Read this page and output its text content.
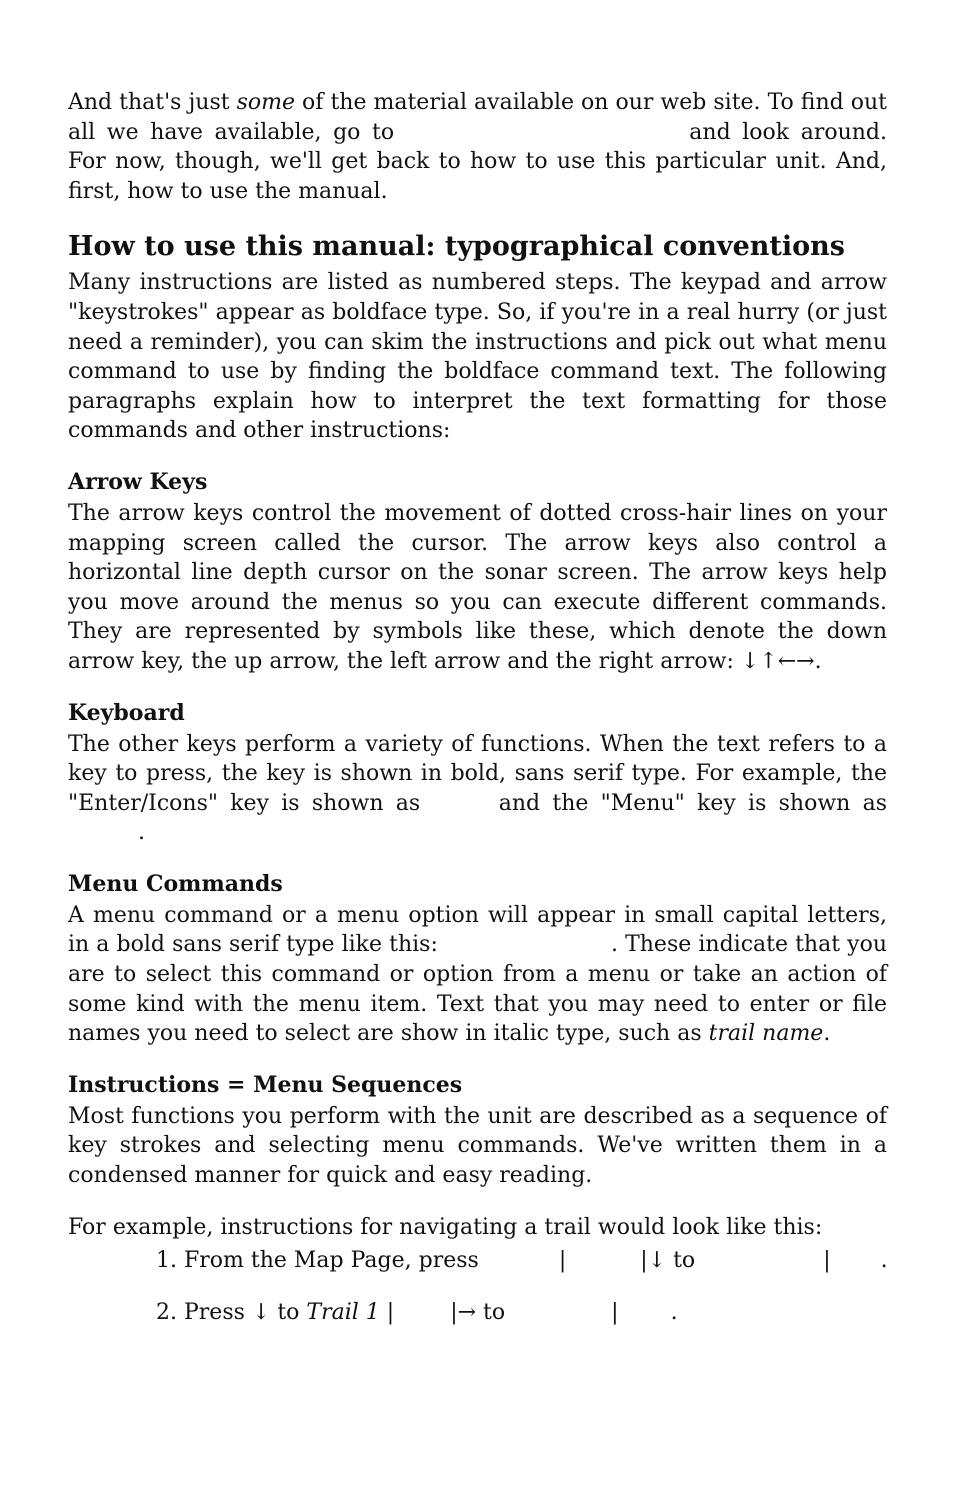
And that's just some of the material available on our web site. To find out all we have available, go to	and look around. For now, though, we'll get back to how to use this particular unit. And, first, how to use the manual.

How to use this manual: typographical conventions

Many instructions are listed as numbered steps. The keypad and arrow "keystrokes" appear as boldface type. So, if you're in a real hurry (or just need a reminder), you can skim the instructions and pick out what menu command to use by finding the boldface command text. The following paragraphs explain how to interpret the text formatting for those commands and other instructions:

Arrow Keys

The arrow keys control the movement of dotted cross-hair lines on your mapping screen called the cursor. The arrow keys also control a horizontal line depth cursor on the sonar screen. The arrow keys help you move around the menus so you can execute different commands. They are represented by symbols like these, which denote the down arrow key, the up arrow, the left arrow and the right arrow: ↓↑←→.

Keyboard

The other keys perform a variety of functions. When the text refers to a key to press, the key is shown in bold, sans serif type. For example, the "Enter/Icons" key is shown as	and the "Menu" key is shown as .

Menu Commands

A menu command or a menu option will appear in small capital letters, in a bold sans serif type like this:	. These indicate that you are to select this command or option from a menu or take an action of some kind with the menu item. Text that you may need to enter or file names you need to select are show in italic type, such as trail name.

Instructions = Menu Sequences

Most functions you perform with the unit are described as a sequence of key strokes and selecting menu commands. We've written them in a condensed manner for quick and easy reading.

For example, instructions for navigating a trail would look like this:

1. From the Map Page, press	|	|↓ to	| .
2. Press ↓ to Trail 1 |	|→ to	| .
